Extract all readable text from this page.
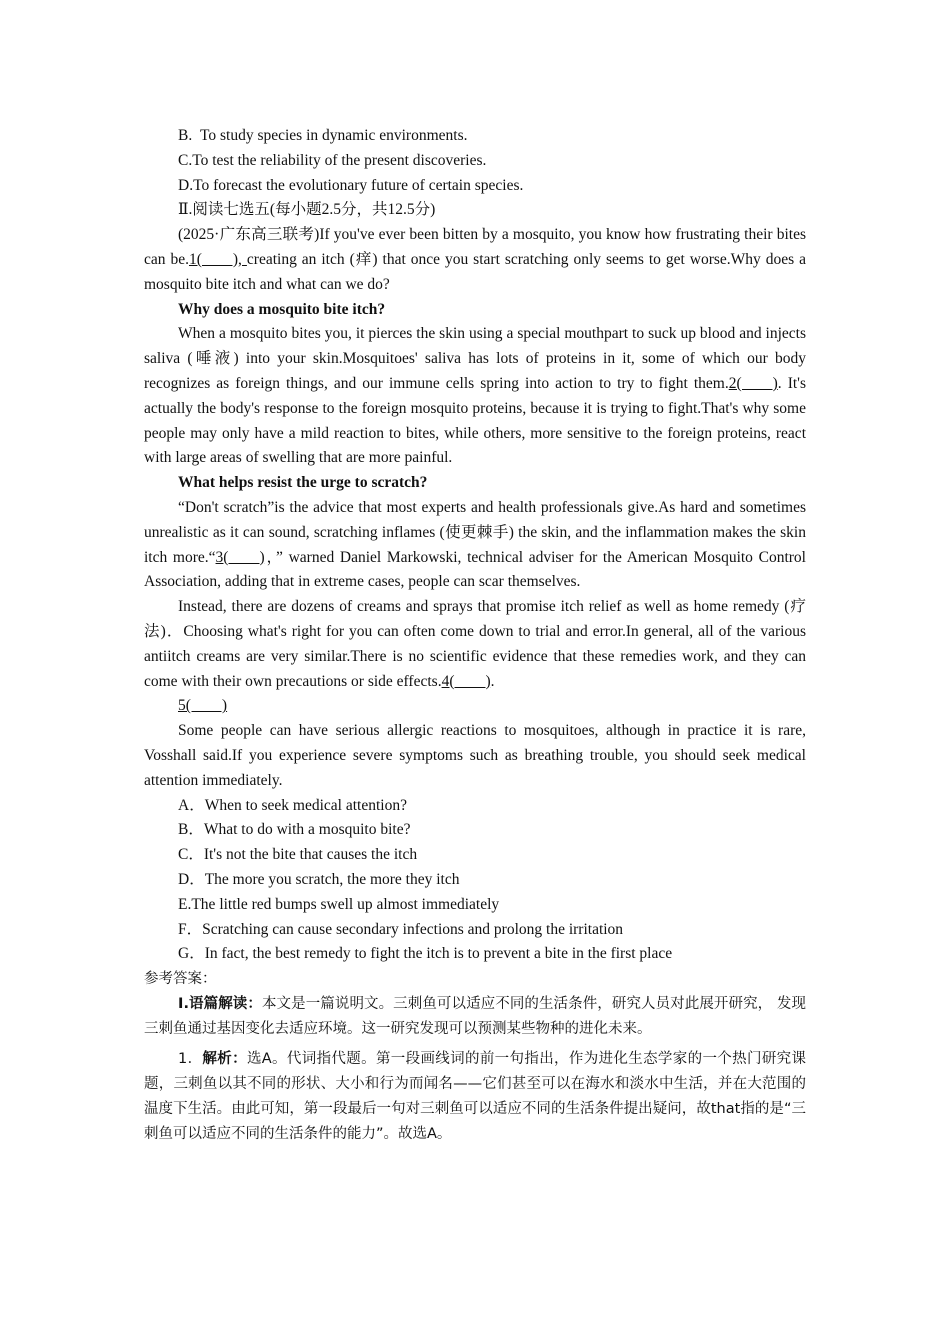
B. To study species in dynamic environments.

C.To test the reliability of the present discoveries.

D.To forecast the evolutionary future of certain species.

Ⅱ.阅读七选五(每小题2.5分，共12.5分)

(2025·广东高三联考)If you've ever been bitten by a mosquito, you know how frustrating their bites can be.1(  ), creating an itch (痒) that once you start scratching only seems to get worse.Why does a mosquito bite itch and what can we do?

Why does a mosquito bite itch?

When a mosquito bites you, it pierces the skin using a special mouthpart to suck up blood and injects saliva (唾液) into your skin.Mosquitoes' saliva has lots of proteins in it, some of which our body recognizes as foreign things, and our immune cells spring into action to try to fight them.2(  ). It's actually the body's response to the foreign mosquito proteins, because it is trying to fight.That's why some people may only have a mild reaction to bites, while others, more sensitive to the foreign proteins, react with large areas of swelling that are more painful.

What helps resist the urge to scratch?

“Don't scratch”is the advice that most experts and health professionals give.As hard and sometimes unrealistic as it can sound, scratching inflames (使更棘手) the skin, and the inflammation makes the skin itch more.“3(  )，” warned Daniel Markowski, technical adviser for the American Mosquito Control Association, adding that in extreme cases, people can scar themselves.

Instead, there are dozens of creams and sprays that promise itch relief as well as home remedy (疗法)．Choosing what's right for you can often come down to trial and error.In general, all of the various antiitch creams are very similar.There is no scientific evidence that these remedies work, and they can come with their own precautions or side effects.4(  ).

5(  )

Some people can have serious allergic reactions to mosquitoes, although in practice it is rare, Vosshall said.If you experience severe symptoms such as breathing trouble, you should seek medical attention immediately.

A．When to seek medical attention?

B．What to do with a mosquito bite?

C．It's not the bite that causes the itch

D．The more you scratch, the more they itch

E.The little red bumps swell up almost immediately

F．Scratching can cause secondary infections and prolong the irritation

G．In fact, the best remedy to fight the itch is to prevent a bite in the first place

参考答案：

Ⅰ.语篇解读：本文是一篇说明文。三刺鱼可以适应不同的生活条件，研究人员对此展开研究， 发现三刺鱼通过基因变化去适应环境。这一研究发现可以预测某些物种的进化未来。

1．解析：选A。代词指代题。第一段画线词的前一句指出，作为进化生态学家的一个热门研究课题，三刺鱼以其不同的形状、大小和行为而闻名——它们甚至可以在海水和淡水中生活，并在大范围的温度下生活。由此可知，第一段最后一句对三刺鱼可以适应不同的生活条件提出疑问，故that指的是“三刺鱼可以适应不同的生活条件的能力”。故选A。
